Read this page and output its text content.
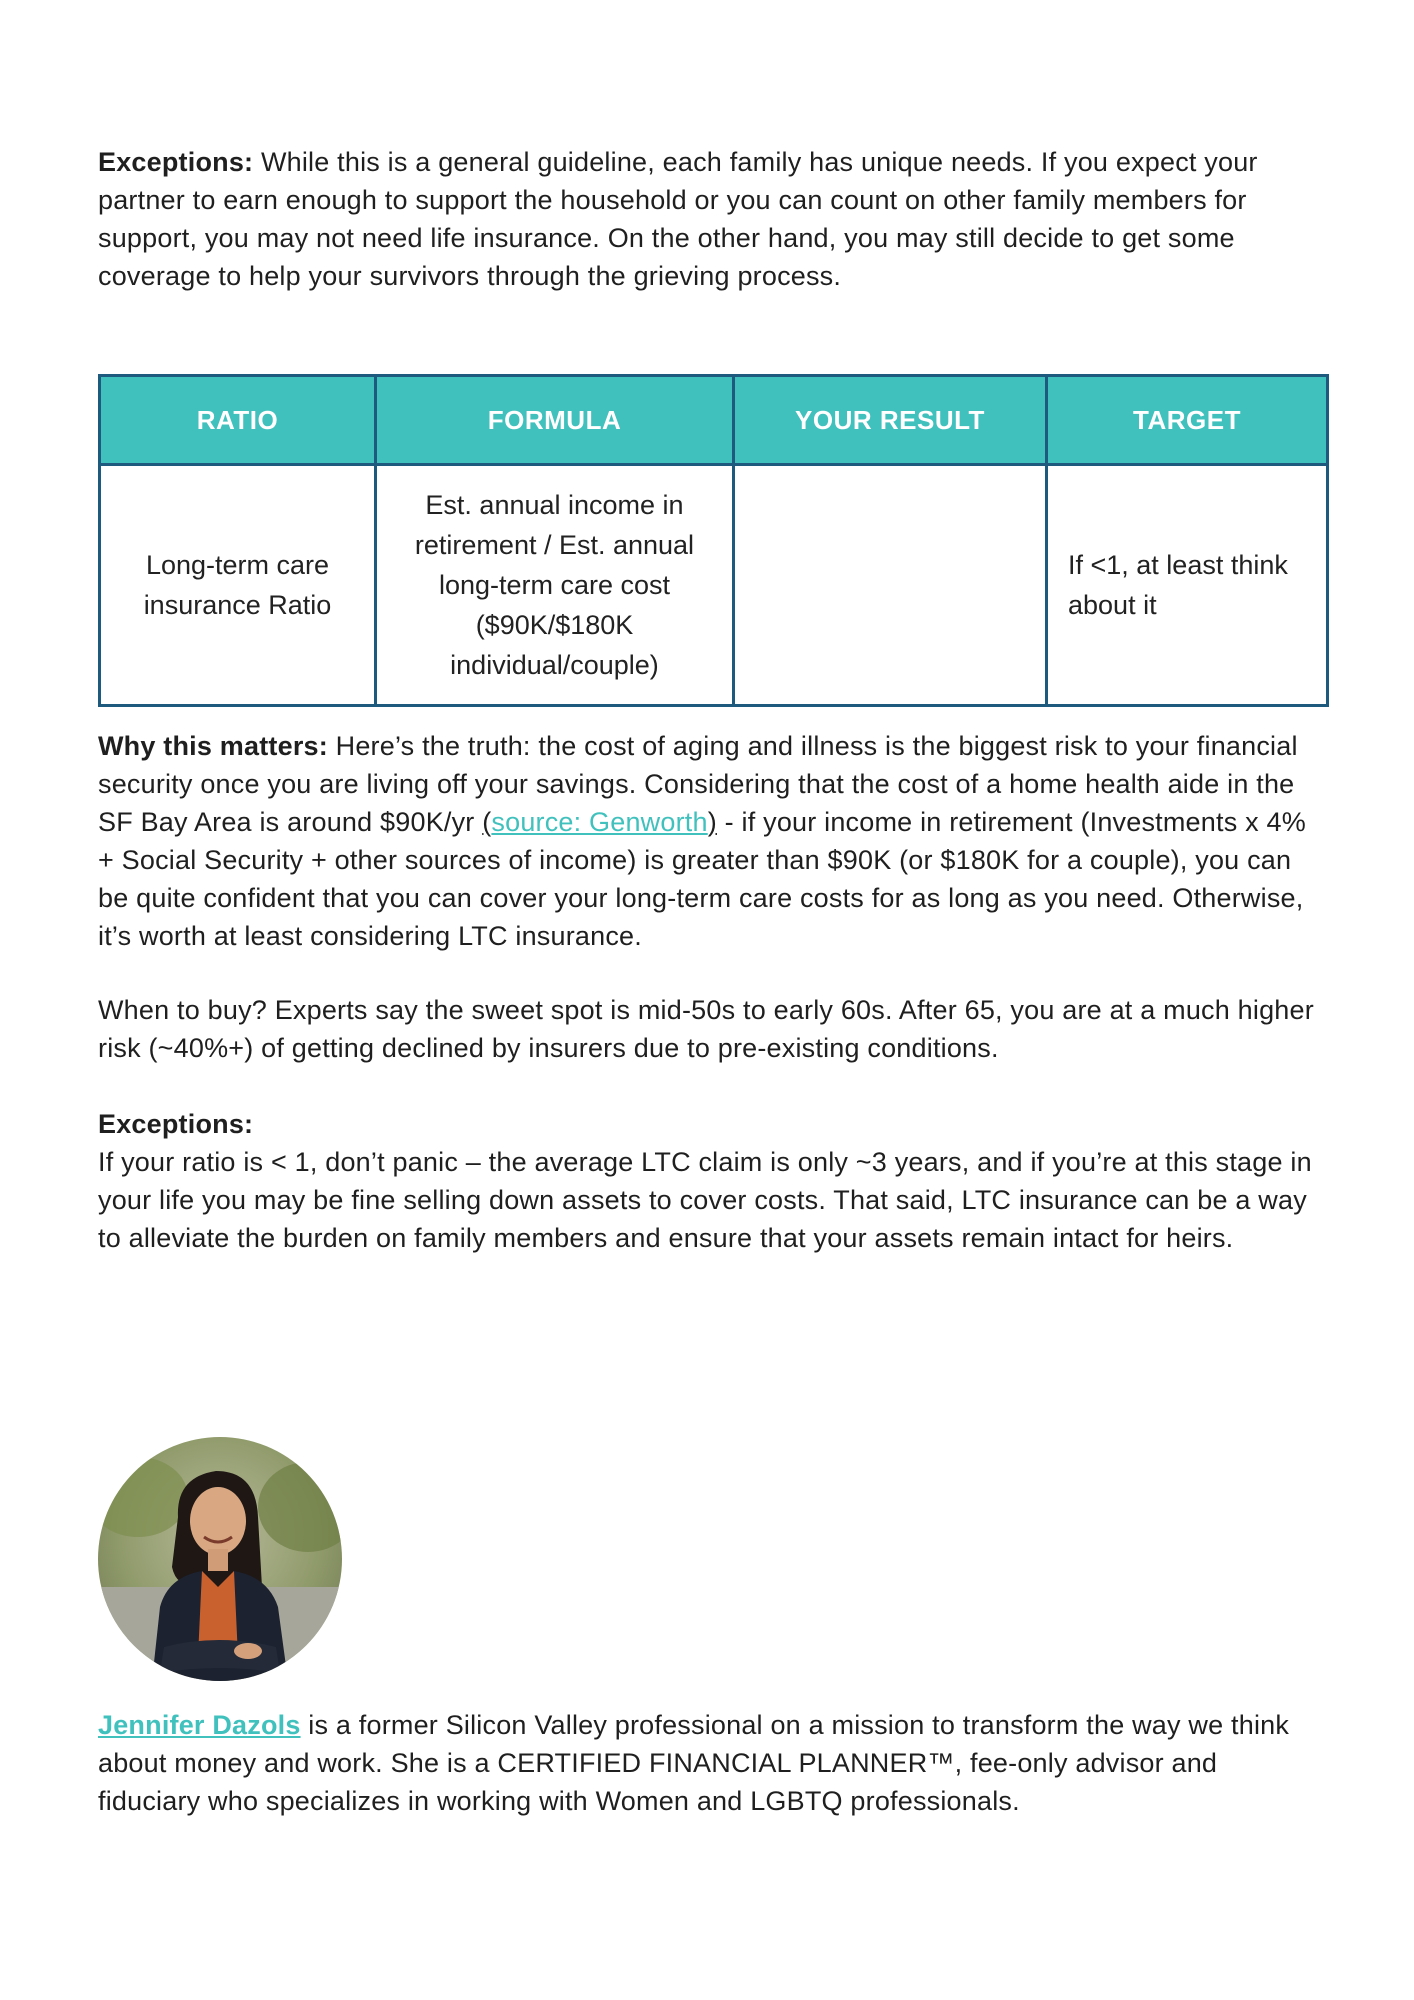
Exceptions: While this is a general guideline, each family has unique needs. If you expect your partner to earn enough to support the household or you can count on other family members for support, you may not need life insurance. On the other hand, you may still decide to get some coverage to help your survivors through the grieving process.

RATIO	FORMULA	YOUR RESULT	TARGET
Long-term care insurance Ratio	Est. annual income in retirement / Est. annual long-term care cost ($90K/$180K individual/couple)		If <1, at least think about it

Why this matters: Here’s the truth: the cost of aging and illness is the biggest risk to your financial security once you are living off your savings. Considering that the cost of a home health aide in the SF Bay Area is around $90K/yr (source: Genworth) - if your income in retirement (Investments x 4% + Social Security + other sources of income) is greater than $90K (or $180K for a couple), you can be quite confident that you can cover your long-term care costs for as long as you need. Otherwise, it’s worth at least considering LTC insurance.

When to buy? Experts say the sweet spot is mid-50s to early 60s. After 65, you are at a much higher risk (~40%+) of getting declined by insurers due to pre-existing conditions.

Exceptions:
If your ratio is < 1, don’t panic – the average LTC claim is only ~3 years, and if you’re at this stage in your life you may be fine selling down assets to cover costs. That said, LTC insurance can be a way to alleviate the burden on family members and ensure that your assets remain intact for heirs.

Jennifer Dazols is a former Silicon Valley professional on a mission to transform the way we think about money and work. She is a CERTIFIED FINANCIAL PLANNER™, fee-only advisor and fiduciary who specializes in working with Women and LGBTQ professionals.
